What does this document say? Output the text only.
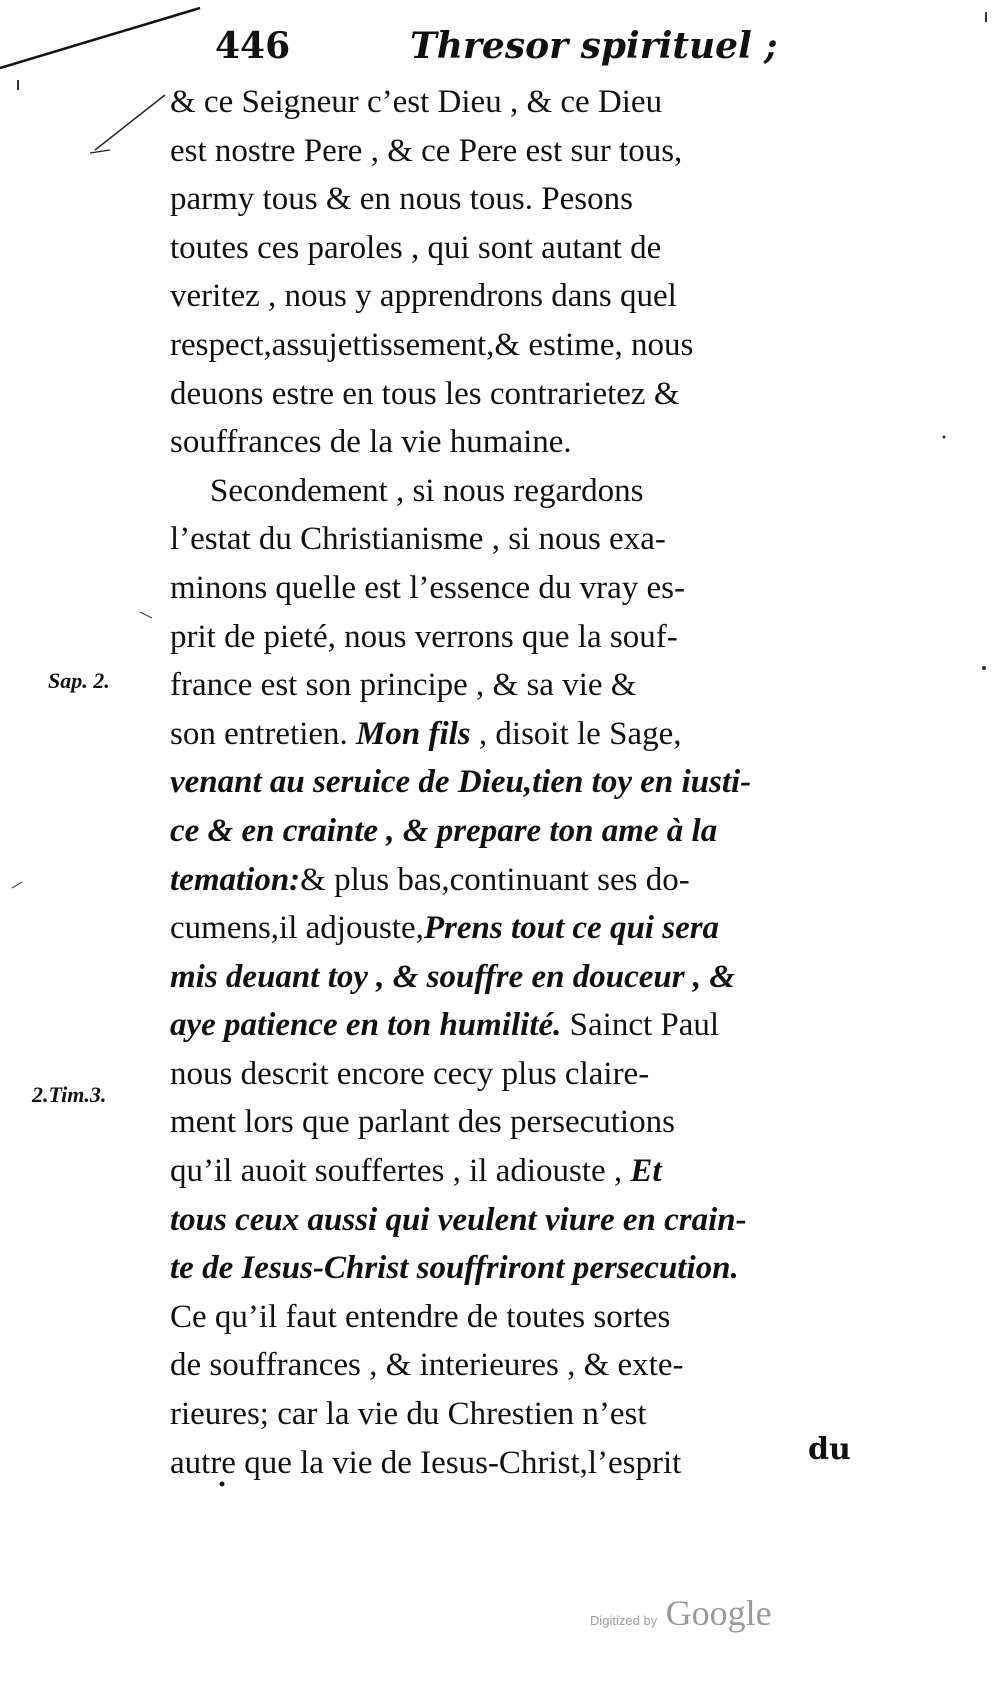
446	Thresor spirituel ;
& ce Seigneur c’est Dieu , & ce Dieu
est nostre Pere , & ce Pere est sur tous,
parmy tous & en nous tous. Pesons
toutes ces paroles , qui sont autant de
veritez , nous y apprendrons dans quel
respect,assujettissement,& estime, nous
deuons estre en tous les contrarietez &
souffrances de la vie humaine.
Secondement , si nous regardons
l’estat du Christianisme , si nous exa-
minons quelle est l’essence du vray es-
prit de pieté, nous verrons que la souf-
france est son principe , & sa vie &
son entretien. Mon fils , disoit le Sage,
venant au seruice de Dieu,tien toy en iusti-
ce & en crainte , & prepare ton ame à la
temation:& plus bas,continuant ses do-
cumens,il adjouste,Prens tout ce qui sera
mis deuant toy , & souffre en douceur , &
aye patience en ton humilité. Sainct Paul
nous descrit encore cecy plus claire-
ment lors que parlant des persecutions
qu’il auoit souffertes , il adiouste , Et
tous ceux aussi qui veulent viure en crain-
te de Iesus-Christ souffriront persecution.
Ce qu’il faut entendre de toutes sortes
de souffrances , & interieures , & exte-
rieures; car la vie du Chrestien n’est
autre que la vie de Iesus-Christ,l’esprit
Sap. 2.
2.Tim.3.
du
Digitized by Google
